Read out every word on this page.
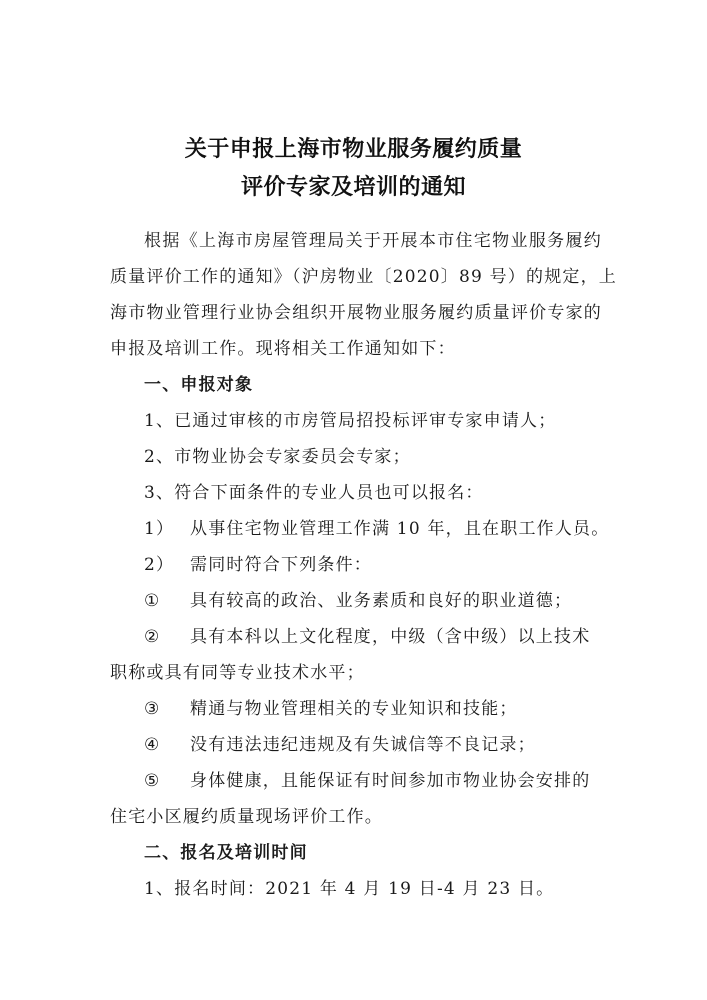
关于申报上海市物业服务履约质量
评价专家及培训的通知
根据《上海市房屋管理局关于开展本市住宅物业服务履约
质量评价工作的通知》（沪房物业〔2020〕89 号）的规定，上
海市物业管理行业协会组织开展物业服务履约质量评价专家的
申报及培训工作。现将相关工作通知如下：
一、申报对象
1、已通过审核的市房管局招投标评审专家申请人；
2、市物业协会专家委员会专家；
3、符合下面条件的专业人员也可以报名：
1） 从事住宅物业管理工作满 10 年，且在职工作人员。
2） 需同时符合下列条件：
① 具有较高的政治、业务素质和良好的职业道德；
② 具有本科以上文化程度，中级（含中级）以上技术
职称或具有同等专业技术水平；
③ 精通与物业管理相关的专业知识和技能；
④ 没有违法违纪违规及有失诚信等不良记录；
⑤ 身体健康，且能保证有时间参加市物业协会安排的
住宅小区履约质量现场评价工作。
二、报名及培训时间
1、报名时间：2021 年 4 月 19 日-4 月 23 日。
